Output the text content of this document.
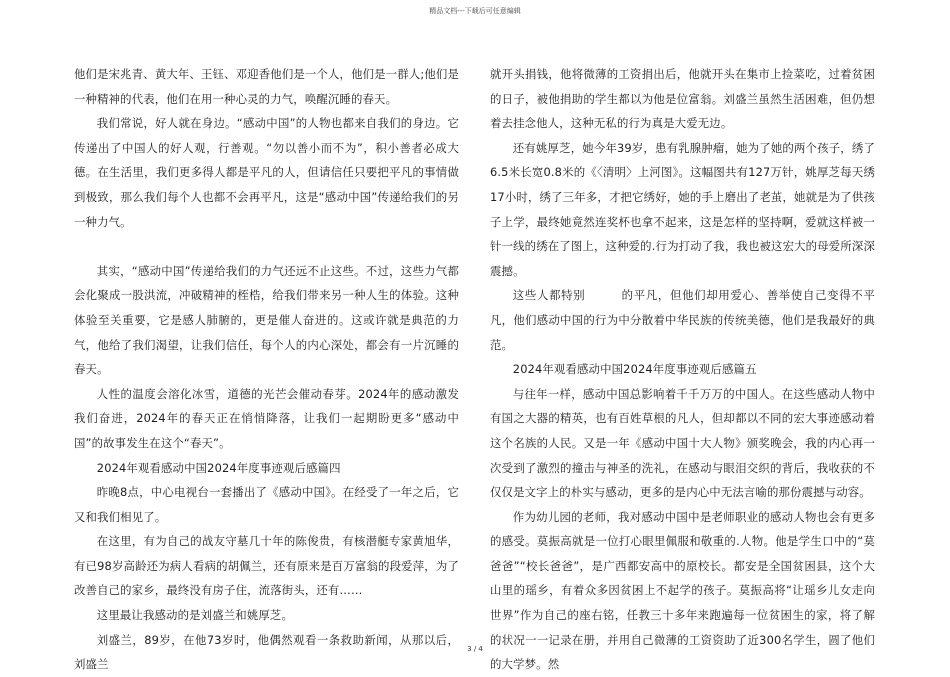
精品文档---下载后可任意编辑

他们是宋兆青、黄大年、王钰、邓迎香他们是一个人，他们是一群人;他们是一种精神的代表，他们在用一种心灵的力气，唤醒沉睡的春天。

我们常说，好人就在身边。“感动中国”的人物也都来自我们的身边。它传递出了中国人的好人观，行善观。“勿以善小而不为”，积小善者必成大德。在生活里，我们更多得人都是平凡的人，但请信任只要把平凡的事情做到极致，那么我们每个人也都不会再平凡，这是“感动中国”传递给我们的另一种力气。

其实，“感动中国”传递给我们的力气还远不止这些。不过，这些力气都会化聚成一股洪流，冲破精神的桎梏，给我们带来另一种人生的体验。这种体验至关重要，它是感人肺腑的，更是催人奋进的。这或许就是典范的力气，他给了我们渴望，让我们信任，每个人的内心深处，都会有一片沉睡的春天。

人性的温度会溶化冰雪，道德的光芒会催动春芽。2024年的感动激发我们奋进，2024年的春天正在悄悄降落，让我们一起期盼更多“感动中国”的故事发生在这个“春天”。

2024年观看感动中国2024年度事迹观后感篇四

昨晚8点，中心电视台一套播出了《感动中国》。在经受了一年之后，它又和我们相见了。

在这里，有为自己的战友守墓几十年的陈俊贵，有核潜艇专家黄旭华，有已98岁高龄还为病人看病的胡佩兰，还有原来是百万富翁的段爱萍，为了改善自己的家乡，最终没有房子住，流落街头，还有……

这里最让我感动的是刘盛兰和姚厚芝。

刘盛兰，89岁，在他73岁时，他偶然观看一条救助新闻，从那以后，刘盛兰

就开头捐钱，他将微薄的工资捐出后，他就开头在集市上捡菜吃，过着贫困的日子，被他捐助的学生都以为他是位富翁。刘盛兰虽然生活困难，但仍想着去挂念他人，这种无私的行为真是大爱无边。

还有姚厚芝，她今年39岁，患有乳腺肿瘤，她为了她的两个孩子，绣了6.5米长宽0.8米的《〈清明〉上河图》。这幅图共有127万针，姚厚芝每天绣17小时，绣了三年多，才把它绣好，她的手上磨出了老茧，她就是为了供孩子上学，最终她竟然连奖杯也拿不起来，这是怎样的坚持啊，爱就这样被一针一线的绣在了图上，这种爱的.行为打动了我，我也被这宏大的母爱所深深震撼。

这些人都特别　　　的平凡，但他们却用爱心、善举使自己变得不平凡，他们感动中国的行为中分散着中华民族的传统美德，他们是我最好的典范。

2024年观看感动中国2024年度事迹观后感篇五

与往年一样，感动中国总影响着千千万万的中国人。在这些感动人物中有国之大器的精英，也有百姓草根的凡人，但却都以不同的宏大事迹感动着这个名族的人民。又是一年《感动中国十大人物》颁奖晚会，我的内心再一次受到了激烈的撞击与神圣的洗礼，在感动与眼泪交织的背后，我收获的不仅仅是文字上的朴实与感动，更多的是内心中无法言喻的那份震撼与动容。

作为幼儿园的老师，我对感动中国中是老师职业的感动人物也会有更多的感受。莫振高就是一位打心眼里佩服和敬重的.人物。他是学生口中的“莫爸爸”“校长爸爸”，是广西都安高中的原校长。都安是全国贫困县，这个大山里的瑶乡，有着众多因贫困上不起学的孩子。莫振高将“让瑶乡儿女走向世界”作为自己的座右铭，任教三十多年来跑遍每一位贫困生的家，将了解的状况一一记录在册，并用自己微薄的工资资助了近300名学生，圆了他们的大学梦。然

3 / 4
